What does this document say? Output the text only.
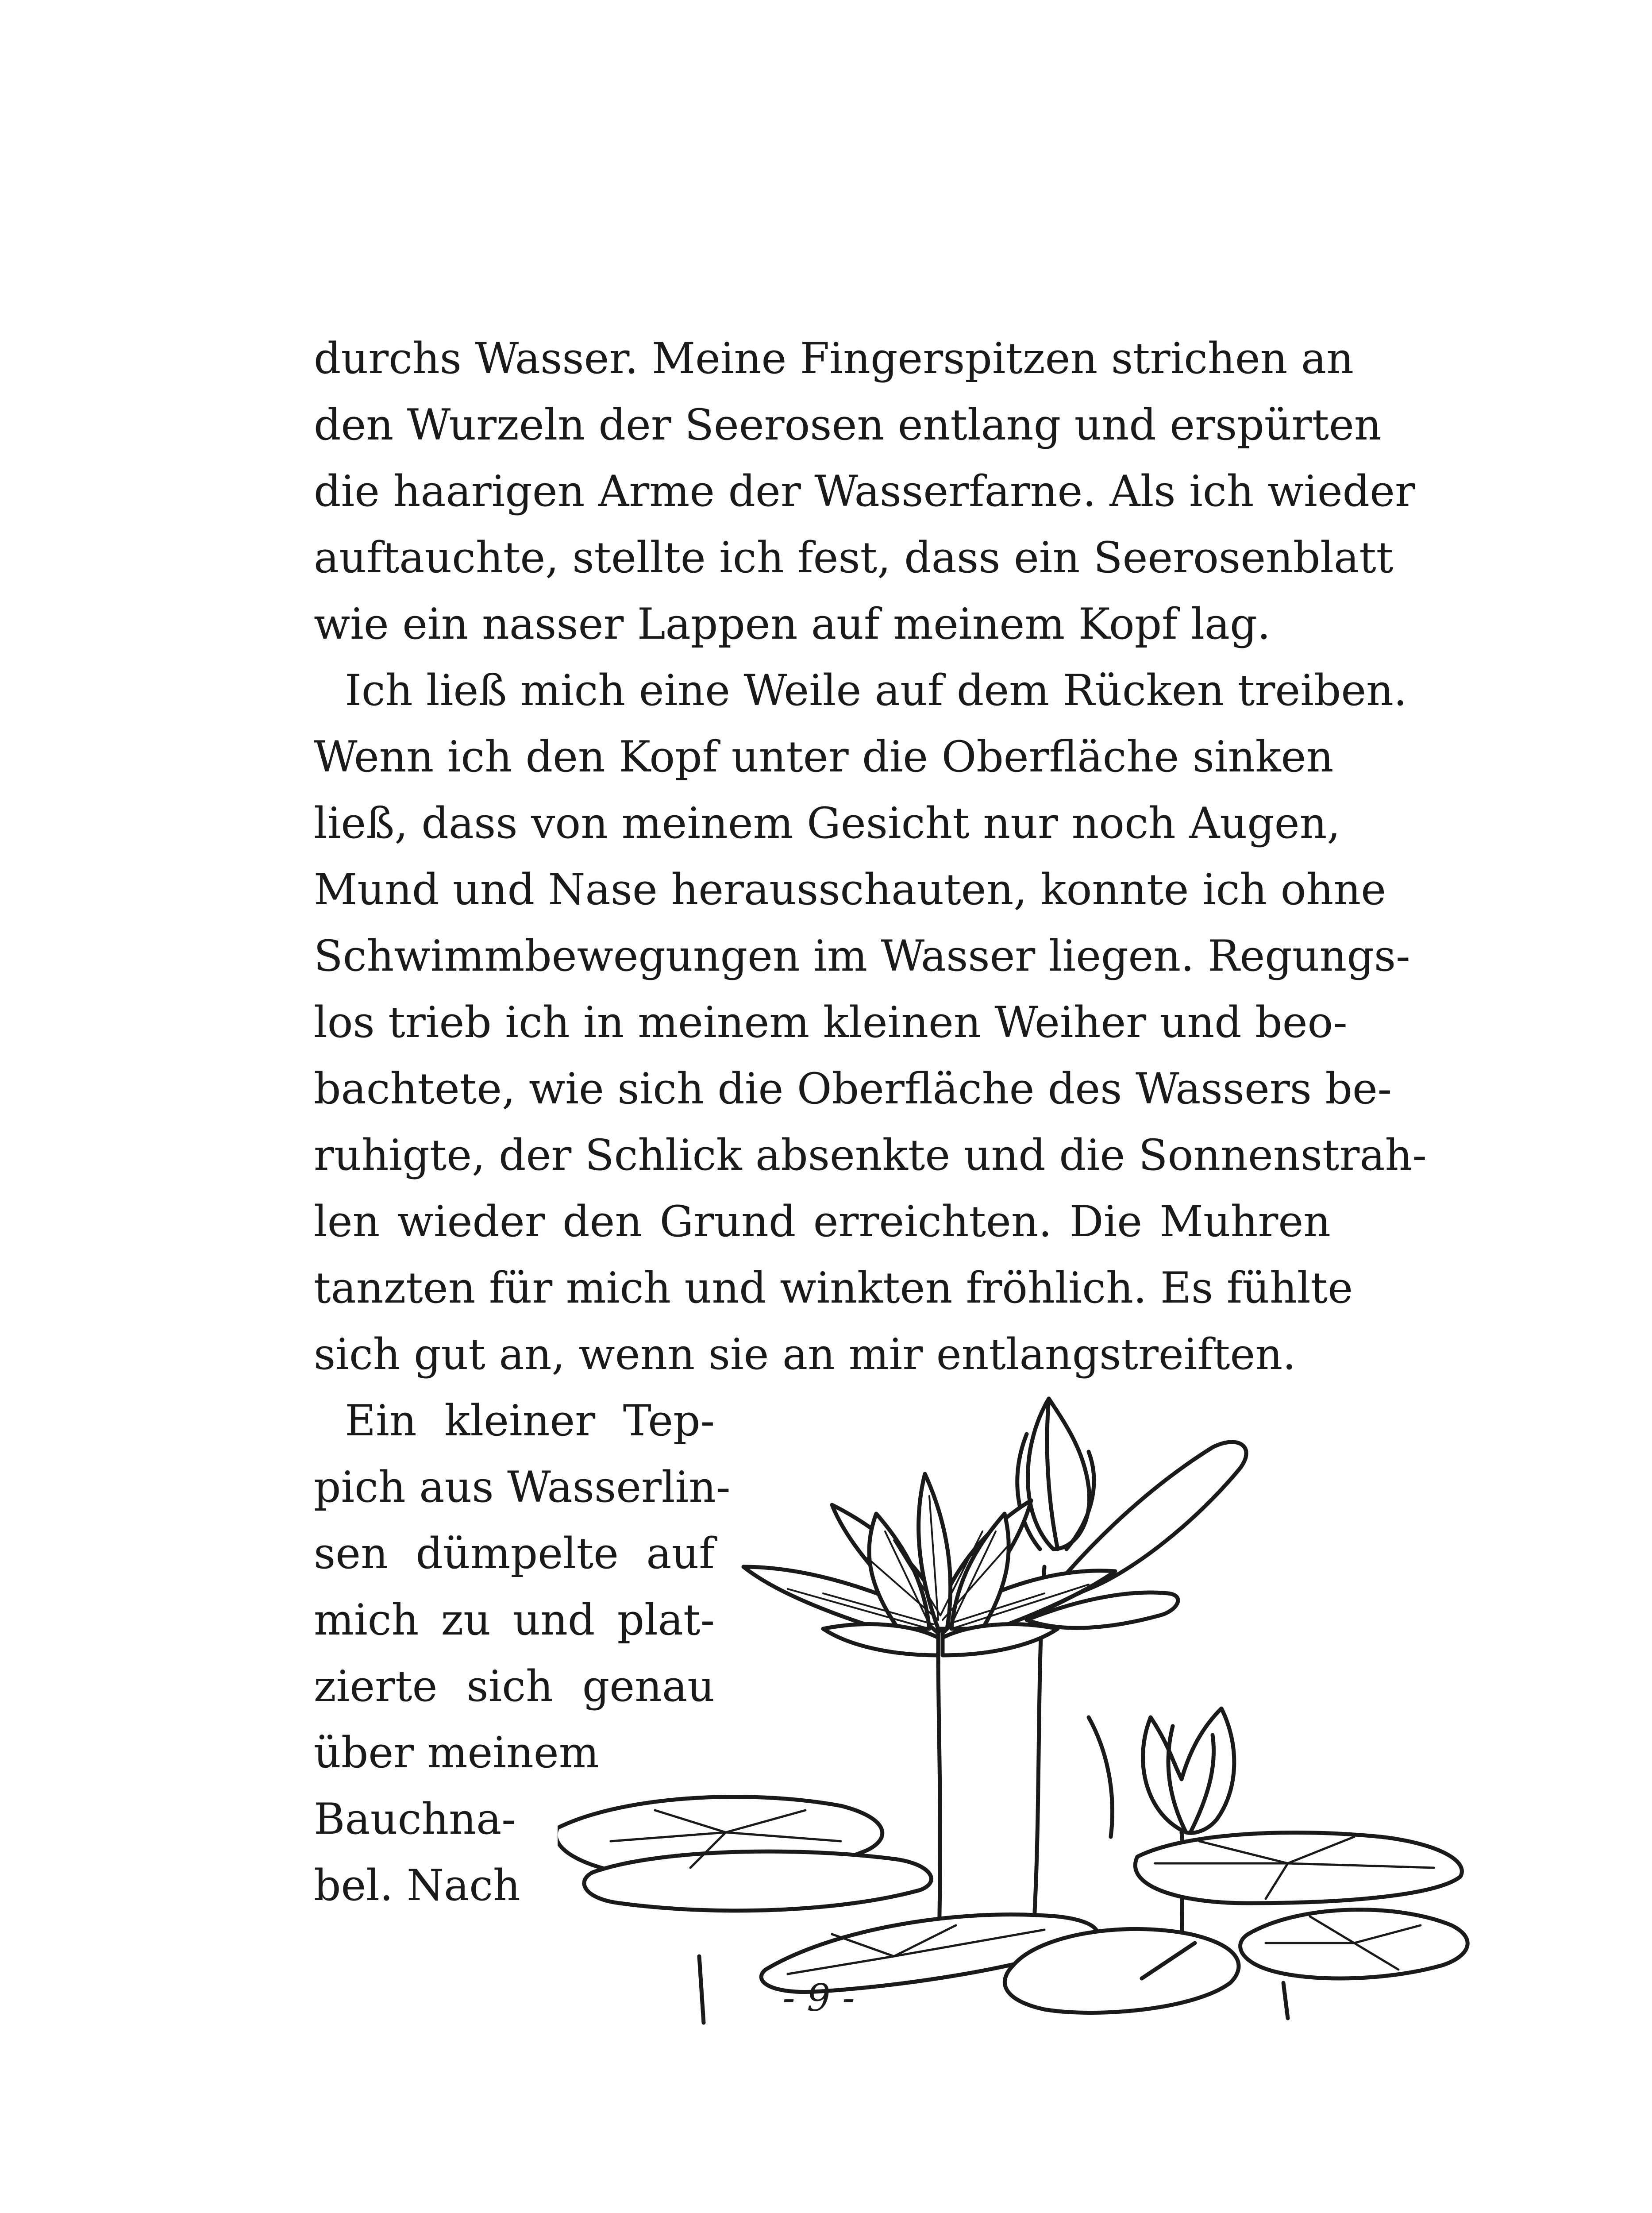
durchs Wasser. Meine Fingerspitzen strichen an
den Wurzeln der Seerosen entlang und erspürten
die haarigen Arme der Wasserfarne. Als ich wieder
auftauchte, stellte ich fest, dass ein Seerosenblatt
wie ein nasser Lappen auf meinem Kopf lag.
Ich ließ mich eine Weile auf dem Rücken treiben.
Wenn ich den Kopf unter die Oberfläche sinken
ließ, dass von meinem Gesicht nur noch Augen,
Mund und Nase herausschauten, konnte ich ohne
Schwimmbewegungen im Wasser liegen. Regungs-
los trieb ich in meinem kleinen Weiher und beo-
bachtete, wie sich die Oberfläche des Wassers be-
ruhigte, der Schlick absenkte und die Sonnenstrah-
len wieder den Grund erreichten. Die Muhren
tanzten für mich und winkten fröhlich. Es fühlte
sich gut an, wenn sie an mir entlangstreiften.
Ein kleiner Tep-
pich aus Wasserlin-
sen dümpelte auf
mich zu und plat-
zierte sich genau
über meinem
Bauchna-
bel. Nach
- 9 -
